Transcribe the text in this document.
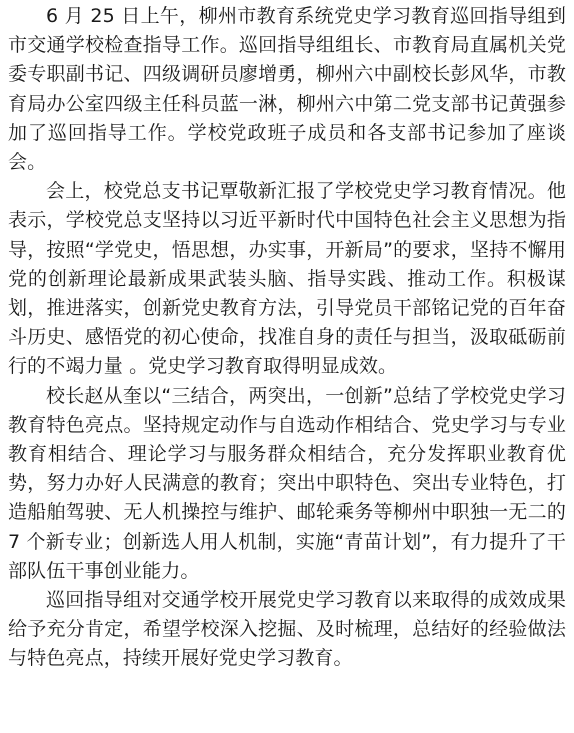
6 月 25 日上午，柳州市教育系统党史学习教育巡回指导组到市交通学校检查指导工作。巡回指导组组长、市教育局直属机关党委专职副书记、四级调研员廖增勇，柳州六中副校长彭风华，市教育局办公室四级主任科员蓝一淋，柳州六中第二党支部书记黄强参加了巡回指导工作。学校党政班子成员和各支部书记参加了座谈会。

会上，校党总支书记覃敬新汇报了学校党史学习教育情况。他表示，学校党总支坚持以习近平新时代中国特色社会主义思想为指导，按照“学党史，悟思想，办实事，开新局”的要求，坚持不懈用党的创新理论最新成果武装头脑、指导实践、推动工作。积极谋划，推进落实，创新党史教育方法，引导党员干部铭记党的百年奋斗历史、感悟党的初心使命，找准自身的责任与担当，汲取砥砺前行的不竭力量 。党史学习教育取得明显成效。

校长赵从奎以“三结合，两突出，一创新”总结了学校党史学习教育特色亮点。坚持规定动作与自选动作相结合、党史学习与专业教育相结合、理论学习与服务群众相结合，充分发挥职业教育优势，努力办好人民满意的教育；突出中职特色、突出专业特色，打造船舶驾驶、无人机操控与维护、邮轮乘务等柳州中职独一无二的 7 个新专业；创新选人用人机制，实施“青苗计划”，有力提升了干部队伍干事创业能力。

巡回指导组对交通学校开展党史学习教育以来取得的成效成果给予充分肯定，希望学校深入挖掘、及时梳理，总结好的经验做法与特色亮点，持续开展好党史学习教育。
